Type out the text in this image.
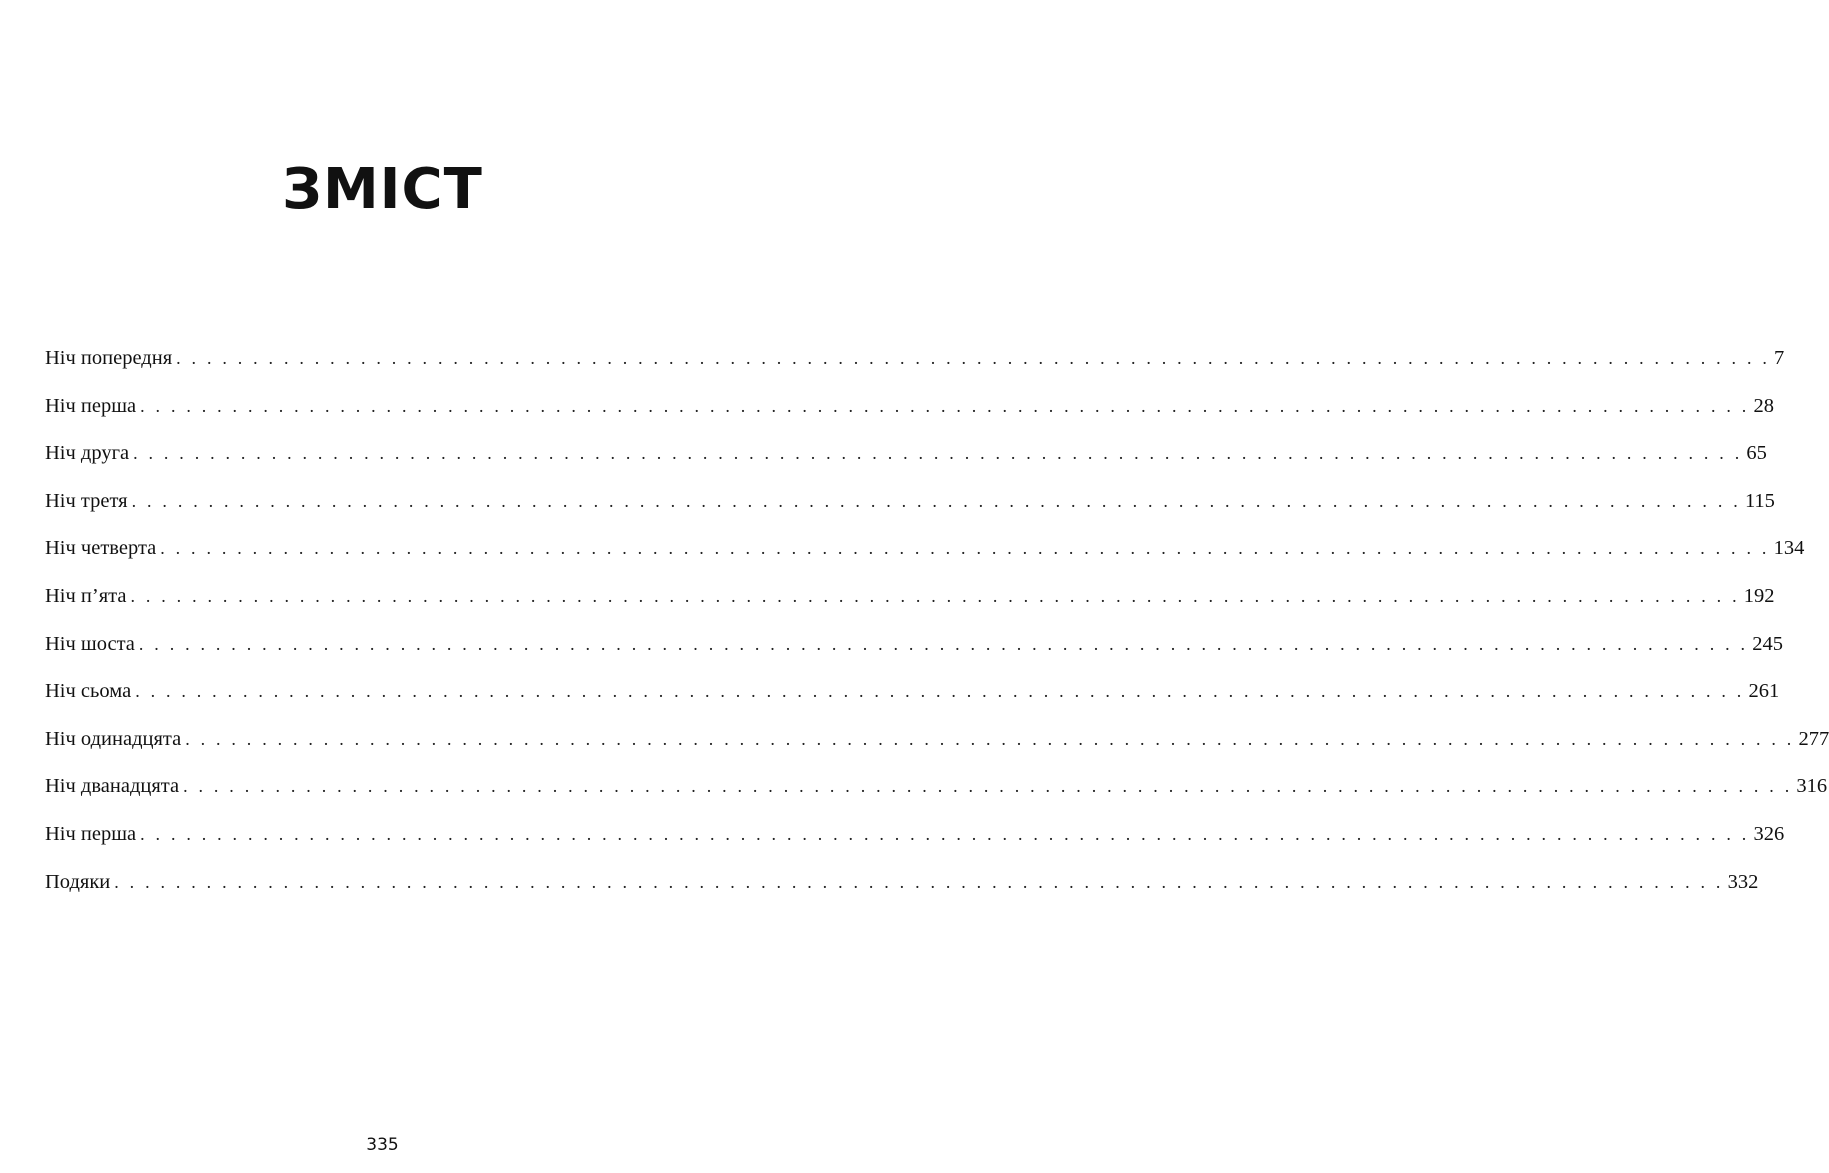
ЗМІСТ
Ніч попередня . . . . . . . . . . . . . . . . . . . . . . . . . . . . . . . . . . . . . . . . . . . . . . . . . . . . . . . . . . . . . . . . . . . . . . . . . . . . . . . . . . . . . . . . . . . . . . . . . . . . . . . . 7
Ніч перша . . . . . . . . . . . . . . . . . . . . . . . . . . . . . . . . . . . . . . . . . . . . . . . . . . . . . . . . . . . . . . . . . . . . . . . . . . . . . . . . . . . . . . . . . . . . . . . . . . . . . . . . . 28
Ніч друга . . . . . . . . . . . . . . . . . . . . . . . . . . . . . . . . . . . . . . . . . . . . . . . . . . . . . . . . . . . . . . . . . . . . . . . . . . . . . . . . . . . . . . . . . . . . . . . . . . . . . . . . . 65
Ніч третя . . . . . . . . . . . . . . . . . . . . . . . . . . . . . . . . . . . . . . . . . . . . . . . . . . . . . . . . . . . . . . . . . . . . . . . . . . . . . . . . . . . . . . . . . . . . . . . . . . . . . . . . . 115
Ніч четверта . . . . . . . . . . . . . . . . . . . . . . . . . . . . . . . . . . . . . . . . . . . . . . . . . . . . . . . . . . . . . . . . . . . . . . . . . . . . . . . . . . . . . . . . . . . . . . . . . . . . . . . . . 134
Ніч п’ята . . . . . . . . . . . . . . . . . . . . . . . . . . . . . . . . . . . . . . . . . . . . . . . . . . . . . . . . . . . . . . . . . . . . . . . . . . . . . . . . . . . . . . . . . . . . . . . . . . . . . . . . . 192
Ніч шоста . . . . . . . . . . . . . . . . . . . . . . . . . . . . . . . . . . . . . . . . . . . . . . . . . . . . . . . . . . . . . . . . . . . . . . . . . . . . . . . . . . . . . . . . . . . . . . . . . . . . . . . . . 245
Ніч сьома . . . . . . . . . . . . . . . . . . . . . . . . . . . . . . . . . . . . . . . . . . . . . . . . . . . . . . . . . . . . . . . . . . . . . . . . . . . . . . . . . . . . . . . . . . . . . . . . . . . . . . . . . 261
Ніч одинадцята . . . . . . . . . . . . . . . . . . . . . . . . . . . . . . . . . . . . . . . . . . . . . . . . . . . . . . . . . . . . . . . . . . . . . . . . . . . . . . . . . . . . . . . . . . . . . . . . . . . . . . . . . 277
Ніч дванадцята . . . . . . . . . . . . . . . . . . . . . . . . . . . . . . . . . . . . . . . . . . . . . . . . . . . . . . . . . . . . . . . . . . . . . . . . . . . . . . . . . . . . . . . . . . . . . . . . . . . . . . . . . 316
Ніч перша . . . . . . . . . . . . . . . . . . . . . . . . . . . . . . . . . . . . . . . . . . . . . . . . . . . . . . . . . . . . . . . . . . . . . . . . . . . . . . . . . . . . . . . . . . . . . . . . . . . . . . . . . 326
Подяки . . . . . . . . . . . . . . . . . . . . . . . . . . . . . . . . . . . . . . . . . . . . . . . . . . . . . . . . . . . . . . . . . . . . . . . . . . . . . . . . . . . . . . . . . . . . . . . . . . . . . . . . . 332
335
